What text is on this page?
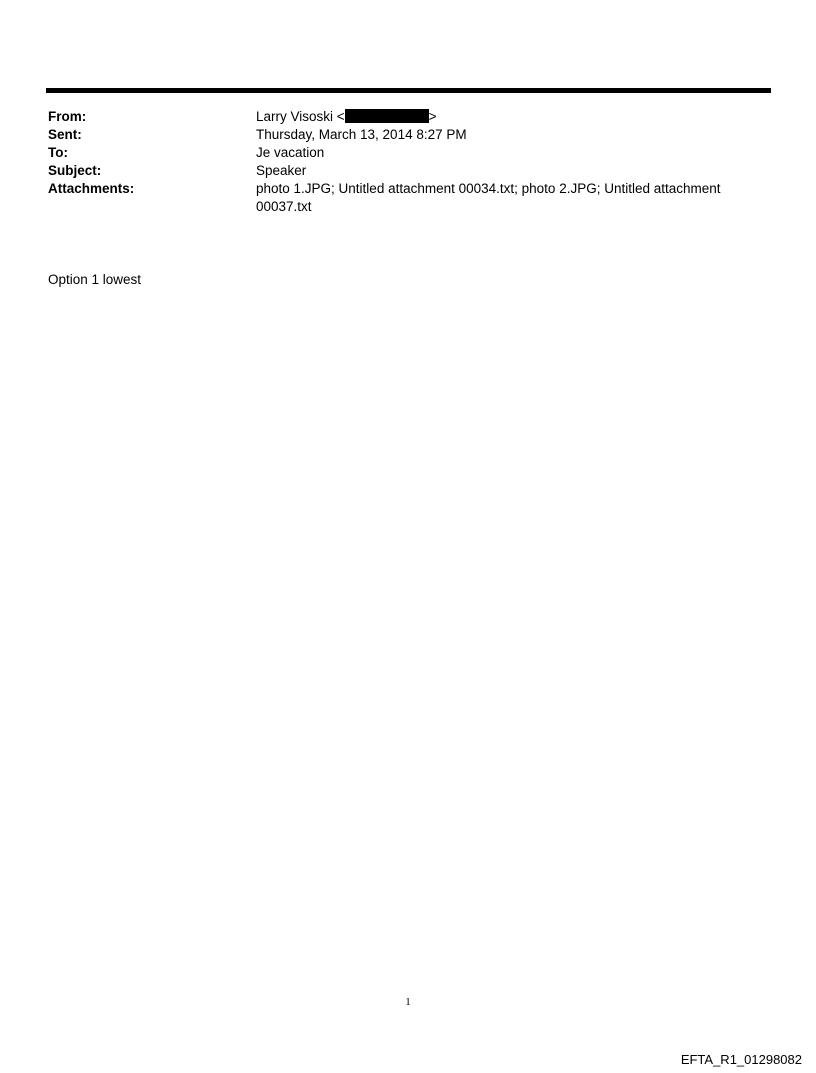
From:	Larry Visoski <	>
Sent:	Thursday, March 13, 2014 8:27 PM
To:	Je vacation
Subject:	Speaker
Attachments:	photo 1.JPG; Untitled attachment 00034.txt; photo 2.JPG; Untitled attachment 00037.txt
Option 1 lowest
1
EFTA_R1_01298082
